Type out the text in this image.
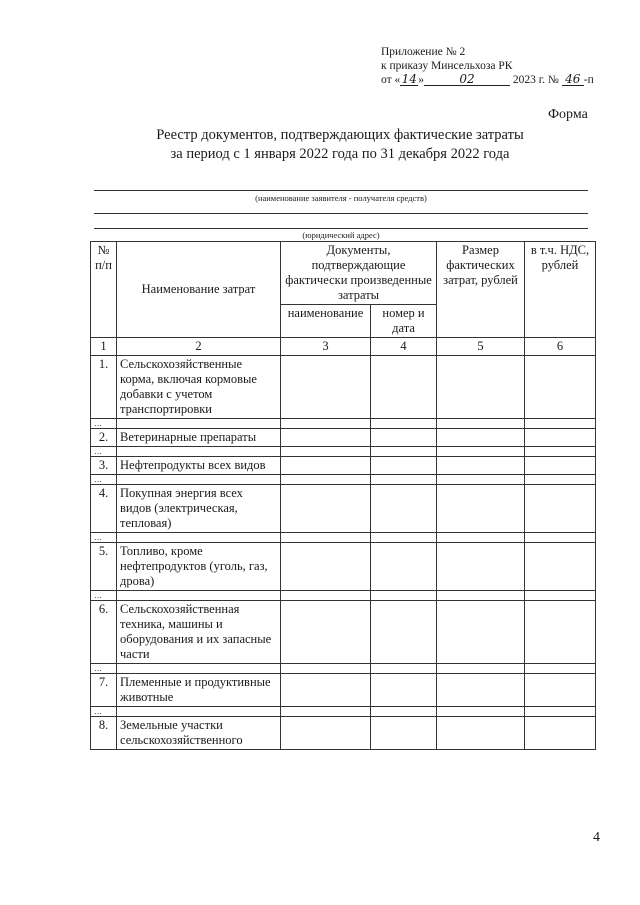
Приложение № 2
к приказу Минсельхоза РК
от «14»	02	2023 г. № 46 -п
Форма
Реестр документов, подтверждающих фактические затраты
за период с 1 января 2022 года по 31 декабря 2022 года
(наименование заявителя - получателя средств)
(юридический адрес)
№ п/п	Наименование затрат	Документы, подтверждающие фактически произведенные затраты		Размер фактических затрат, рублей	в т.ч. НДС, рублей
		наименование	номер и дата		
1	2	3	4	5	6
1.	Сельскохозяйственные корма, включая кормовые добавки с учетом транспортировки				
…					
2.	Ветеринарные препараты				
…					
3.	Нефтепродукты всех видов				
…					
4.	Покупная энергия всех видов (электрическая, тепловая)				
…					
5.	Топливо, кроме нефтепродуктов (уголь, газ, дрова)				
…					
6.	Сельскохозяйственная техника, машины и оборудования и их запасные части				
…					
7.	Племенные и продуктивные животные				
…					
8.	Земельные участки сельскохозяйственного				
4
